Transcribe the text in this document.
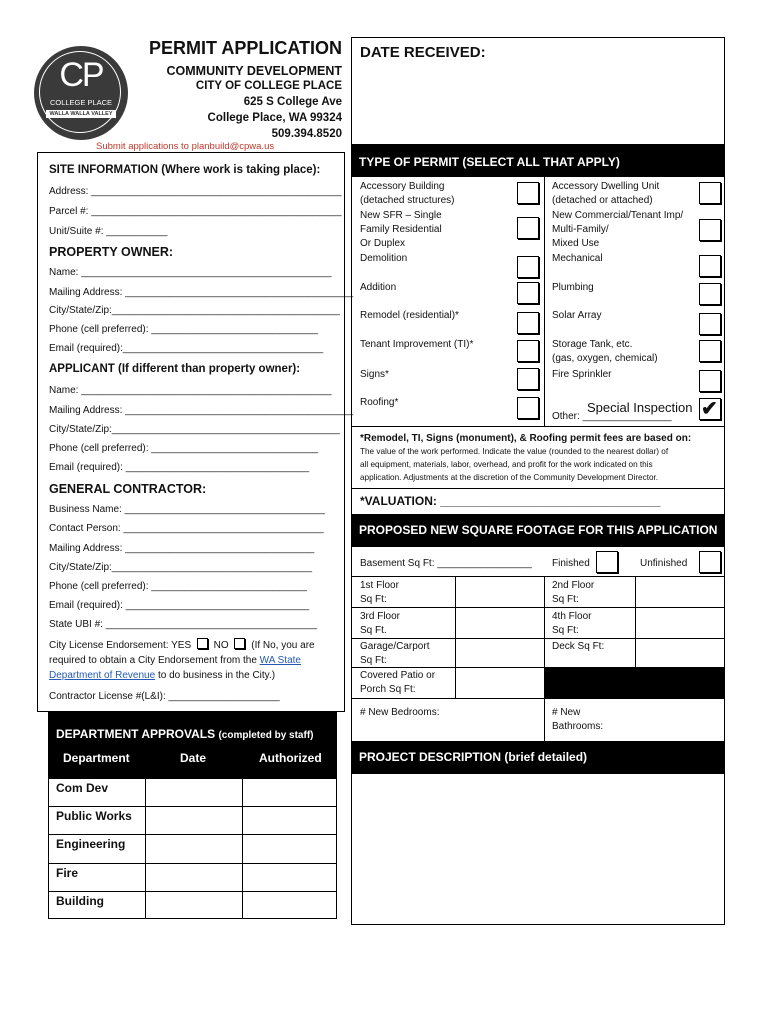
CP
COLLEGE PLACE
WALLA WALLA VALLEY
PERMIT APPLICATION
COMMUNITY DEVELOPMENT
CITY OF COLLEGE PLACE
625 S College Ave
College Place, WA 99324
509.394.8520
Submit applications to planbuild@cpwa.us
DATE RECEIVED:
SITE INFORMATION (Where work is taking place):
Address: _____________________________________________
Parcel #: _____________________________________________
Unit/Suite #: ___________
PROPERTY OWNER:
Name: _____________________________________________
Mailing Address: _________________________________________
City/State/Zip:_________________________________________
Phone (cell preferred): ______________________________
Email (required):____________________________________
APPLICANT (If different than property owner):
Name: _____________________________________________
Mailing Address: _________________________________________
City/State/Zip:_________________________________________
Phone (cell preferred): ______________________________
Email (required): _________________________________
GENERAL CONTRACTOR:
Business Name: ____________________________________
Contact Person: ____________________________________
Mailing Address: __________________________________
City/State/Zip:____________________________________
Phone (cell preferred): ____________________________
Email (required): _________________________________
State UBI #: ______________________________________
City License Endorsement: YES NO (If No, you are required to obtain a City Endorsement from the WA State Department of Revenue to do business in the City.)
Contractor License #(L&I): ____________________
DEPARTMENT APPROVALS (completed by staff)
Department	Date	Authorized
Com Dev
Public Works
Engineering
Fire
Building
TYPE OF PERMIT (SELECT ALL THAT APPLY)
Accessory Building
(detached structures)
New SFR – Single
Family Residential
Or Duplex
Demolition
Addition
Remodel (residential)*
Tenant Improvement (TI)*
Signs*
Roofing*
Accessory Dwelling Unit
(detached or attached)
New Commercial/Tenant Imp/
Multi-Family/
Mixed Use
Mechanical
Plumbing
Solar Array
Storage Tank, etc.
(gas, oxygen, chemical)
Fire Sprinkler
Other: ________________
Special Inspection ✔
*Remodel, TI, Signs (monument), & Roofing permit fees are based on:
The value of the work performed. Indicate the value (rounded to the nearest dollar) of
all equipment, materials, labor, overhead, and profit for the work indicated on this
application. Adjustments at the discretion of the Community Development Director.
*VALUATION: _________________________________
PROPOSED NEW SQUARE FOOTAGE FOR THIS APPLICATION
Basement Sq Ft: _________________ Finished	Unfinished
1st Floor
Sq Ft:
2nd Floor
Sq Ft:
3rd Floor
Sq Ft.
4th Floor
Sq Ft:
Garage/Carport
Sq Ft:
Deck Sq Ft:
Covered Patio or
Porch Sq Ft:
# New Bedrooms:	# New
Bathrooms:
PROJECT DESCRIPTION (brief detailed)
